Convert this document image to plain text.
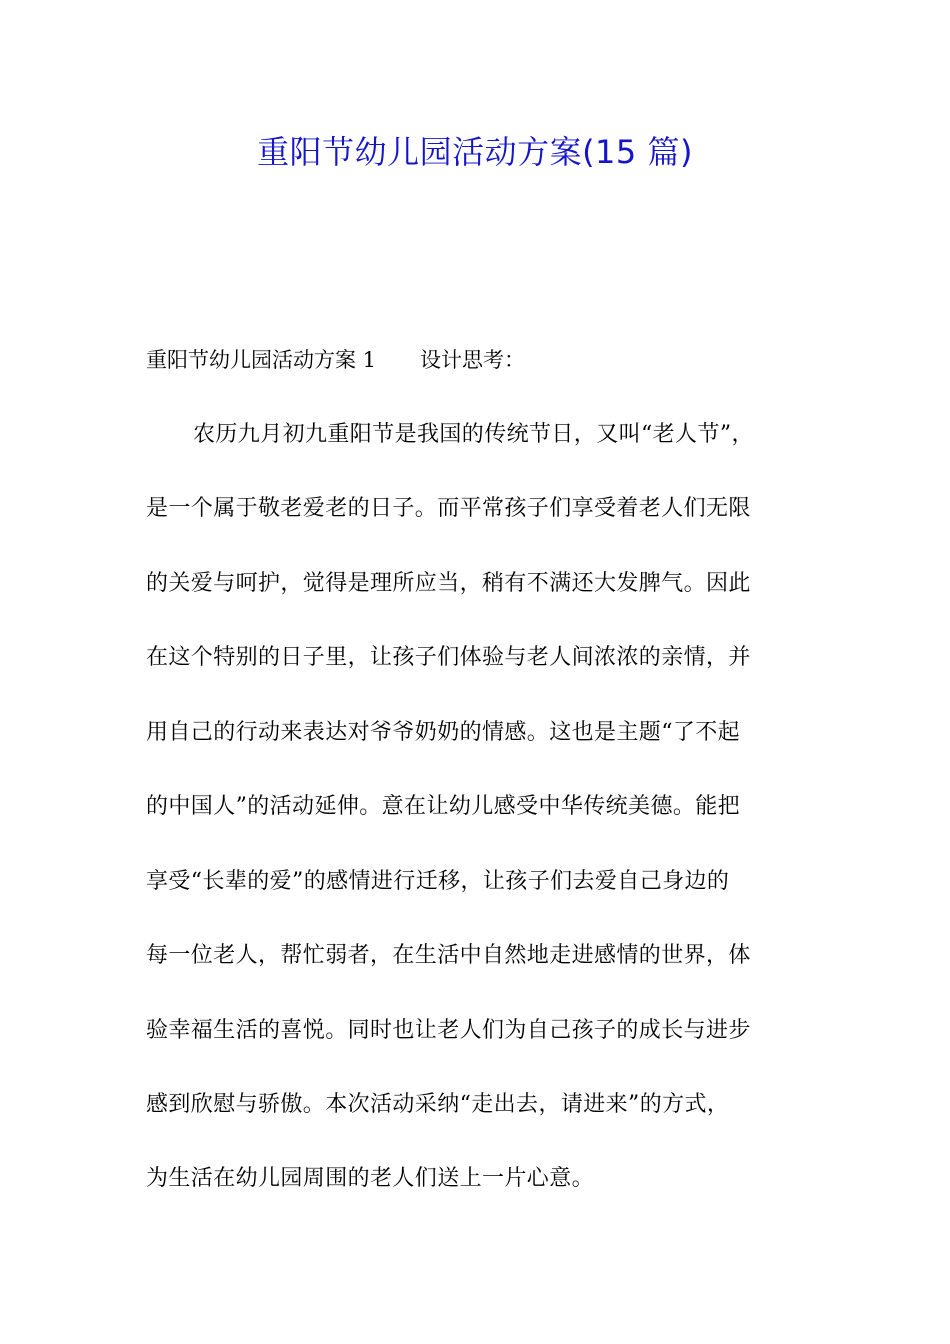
重阳节幼儿园活动方案(15 篇)
重阳节幼儿园活动方案 1 设计思考：
农历九月初九重阳节是我国的传统节日，又叫“老人节”，
是一个属于敬老爱老的日子。而平常孩子们享受着老人们无限
的关爱与呵护，觉得是理所应当，稍有不满还大发脾气。因此
在这个特别的日子里，让孩子们体验与老人间浓浓的亲情，并
用自己的行动来表达对爷爷奶奶的情感。这也是主题“了不起
的中国人”的活动延伸。意在让幼儿感受中华传统美德。能把
享受“长辈的爱”的感情进行迁移，让孩子们去爱自己身边的
每一位老人，帮忙弱者，在生活中自然地走进感情的世界，体
验幸福生活的喜悦。同时也让老人们为自己孩子的成长与进步
感到欣慰与骄傲。本次活动采纳“走出去，请进来”的方式，
为生活在幼儿园周围的老人们送上一片心意。
